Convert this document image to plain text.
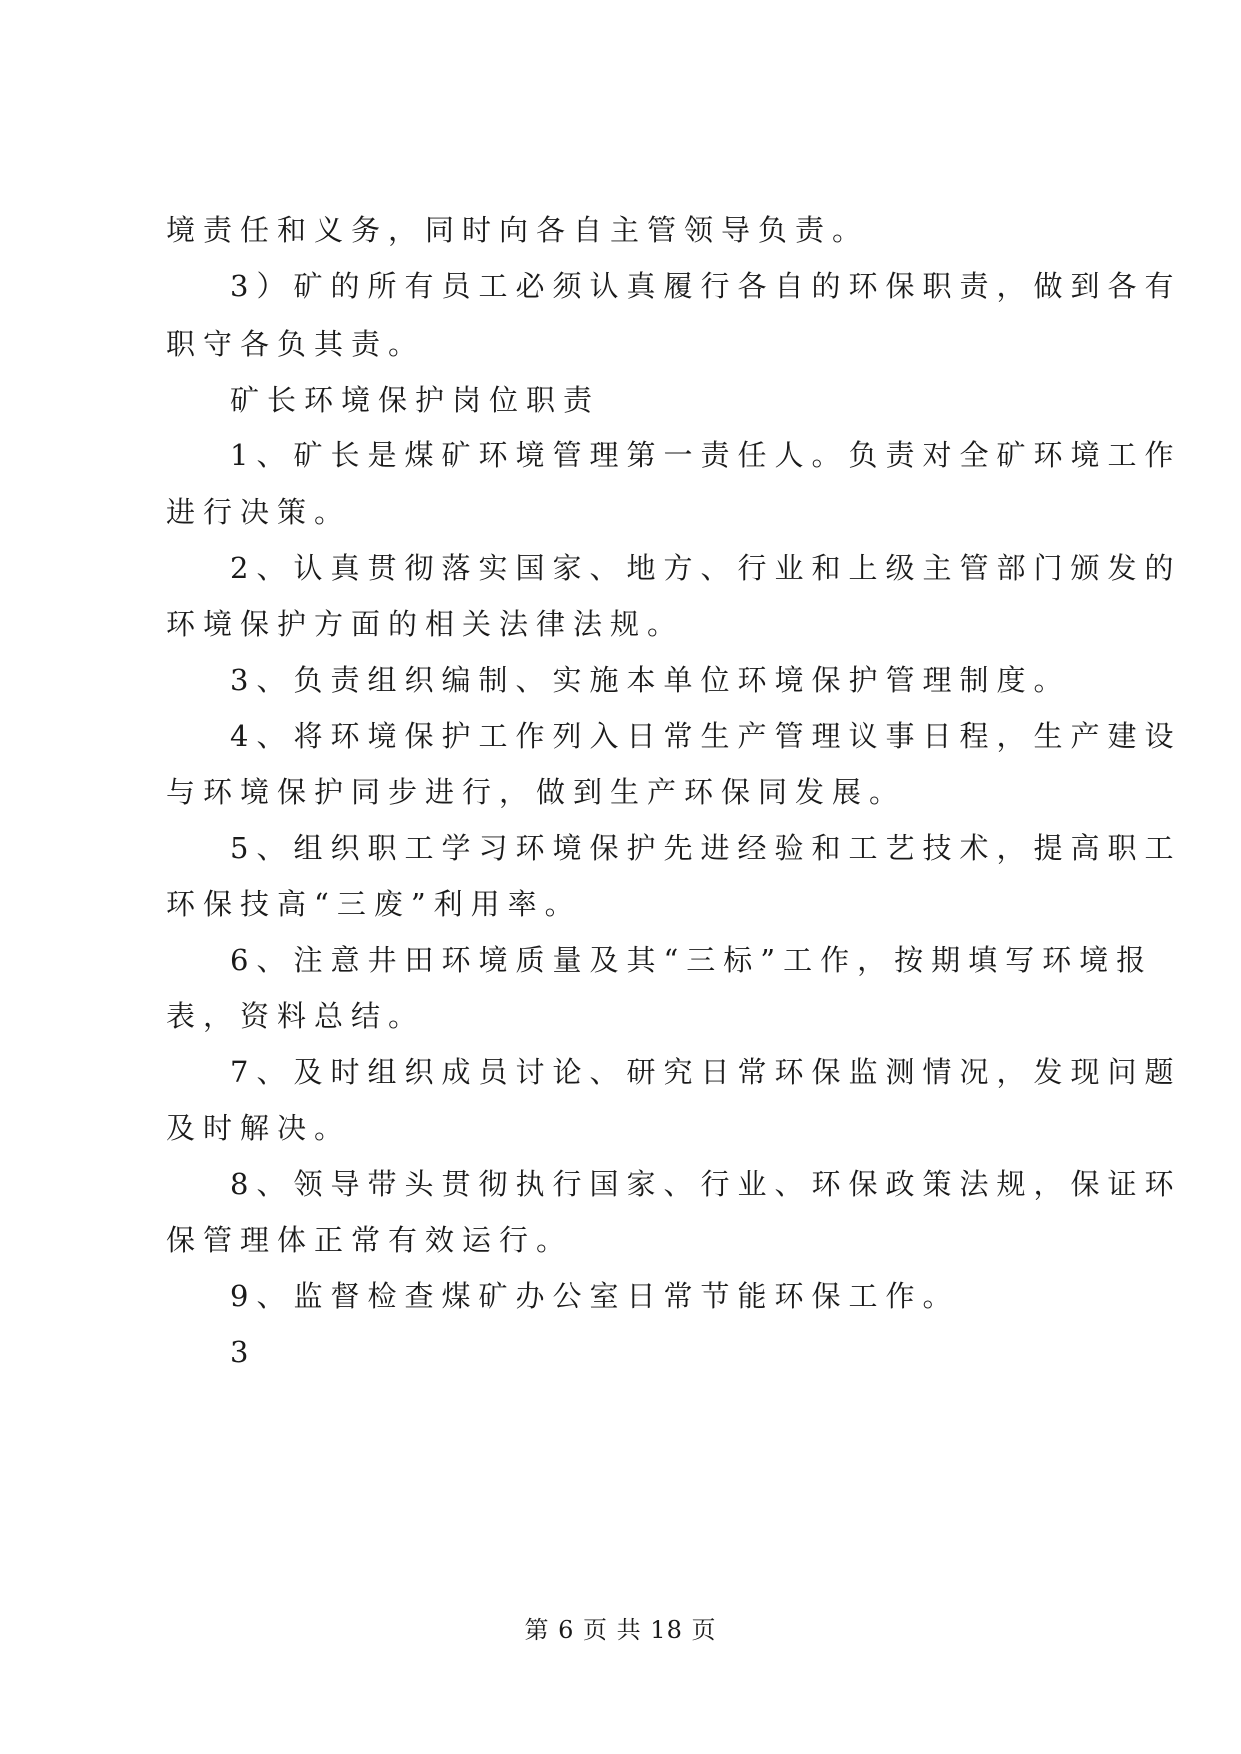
境责任和义务，同时向各自主管领导负责。
3）矿的所有员工必须认真履行各自的环保职责，做到各有
职守各负其责。
矿长环境保护岗位职责
1、矿长是煤矿环境管理第一责任人。负责对全矿环境工作
进行决策。
2、认真贯彻落实国家、地方、行业和上级主管部门颁发的
环境保护方面的相关法律法规。
3、负责组织编制、实施本单位环境保护管理制度。
4、将环境保护工作列入日常生产管理议事日程，生产建设
与环境保护同步进行，做到生产环保同发展。
5、组织职工学习环境保护先进经验和工艺技术，提高职工
环保技高“三废”利用率。
6、注意井田环境质量及其“三标”工作，按期填写环境报
表，资料总结。
7、及时组织成员讨论、研究日常环保监测情况，发现问题
及时解决。
8、领导带头贯彻执行国家、行业、环保政策法规，保证环
保管理体正常有效运行。
9、监督检查煤矿办公室日常节能环保工作。
3
第 6 页 共 18 页
